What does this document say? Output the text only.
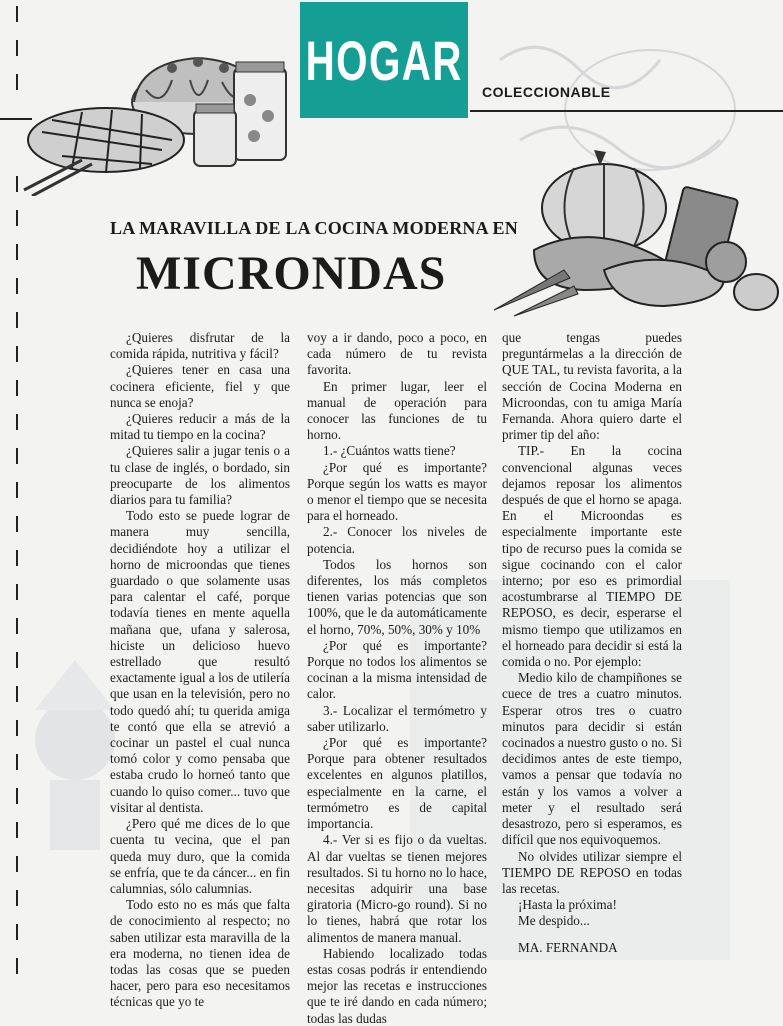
HOGAR
COLECCIONABLE
LA MARAVILLA DE LA COCINA MODERNA EN
MICRONDAS

¿Quieres disfrutar de la comida rápida, nutritiva y fácil?

¿Quieres tener en casa una cocinera eficiente, fiel y que nunca se enoja?

¿Quieres reducir a más de la mitad tu tiempo en la cocina?

¿Quieres salir a jugar tenis o a tu clase de inglés, o bordado, sin preocuparte de los alimentos diarios para tu familia?

Todo esto se puede lograr de manera muy sencilla, decidiéndote hoy a utilizar el horno de microondas que tienes guardado o que solamente usas para calentar el café, porque todavía tienes en mente aquella mañana que, ufana y salerosa, hiciste un delicioso huevo estrellado que resultó exactamente igual a los de utilería que usan en la televisión, pero no todo quedó ahí; tu querida amiga te contó que ella se atrevió a cocinar un pastel el cual nunca tomó color y como pensaba que estaba crudo lo horneó tanto que cuando lo quiso comer... tuvo que visitar al dentista.

¿Pero qué me dices de lo que cuenta tu vecina, que el pan queda muy duro, que la comida se enfría, que te da cáncer... en fin calumnias, sólo calumnias.

Todo esto no es más que falta de conocimiento al respecto; no saben utilizar esta maravilla de la era moderna, no tienen idea de todas las cosas que se pueden hacer, pero para eso necesitamos técnicas que yo te

voy a ir dando, poco a poco, en cada número de tu revista favorita.

En primer lugar, leer el manual de operación para conocer las funciones de tu horno.

1.- ¿Cuántos watts tiene?

¿Por qué es importante? Porque según los watts es mayor o menor el tiempo que se necesita para el horneado.

2.- Conocer los niveles de potencia.

Todos los hornos son diferentes, los más completos tienen varias potencias que son 100%, que le da automáticamente el horno, 70%, 50%, 30% y 10%

¿Por qué es importante? Porque no todos los alimentos se cocinan a la misma intensidad de calor.

3.- Localizar el termómetro y saber utilizarlo.

¿Por qué es importante? Porque para obtener resultados excelentes en algunos platillos, especialmente en la carne, el termómetro es de capital importancia.

4.- Ver si es fijo o da vueltas. Al dar vueltas se tienen mejores resultados. Si tu horno no lo hace, necesitas adquirir una base giratoria (Micro-go round). Si no lo tienes, habrá que rotar los alimentos de manera manual.

Habiendo localizado todas estas cosas podrás ir entendiendo mejor las recetas e instrucciones que te iré dando en cada número; todas las dudas

que tengas puedes preguntármelas a la dirección de QUE TAL, tu revista favorita, a la sección de Cocina Moderna en Microondas, con tu amiga María Fernanda. Ahora quiero darte el primer tip del año:

TIP.- En la cocina convencional algunas veces dejamos reposar los alimentos después de que el horno se apaga. En el Microondas es especialmente importante este tipo de recurso pues la comida se sigue cocinando con el calor interno; por eso es primordial acostumbrarse al TIEMPO DE REPOSO, es decir, esperarse el mismo tiempo que utilizamos en el horneado para decidir si está la comida o no. Por ejemplo:

Medio kilo de champiñones se cuece de tres a cuatro minutos. Esperar otros tres o cuatro minutos para decidir si están cocinados a nuestro gusto o no. Si decidimos antes de este tiempo, vamos a pensar que todavía no están y los vamos a volver a meter y el resultado será desastrozo, pero si esperamos, es difícil que nos equivoquemos.

No olvides utilizar siempre el TIEMPO DE REPOSO en todas las recetas.

¡Hasta la próxima!

Me despido...

MA. FERNANDA
